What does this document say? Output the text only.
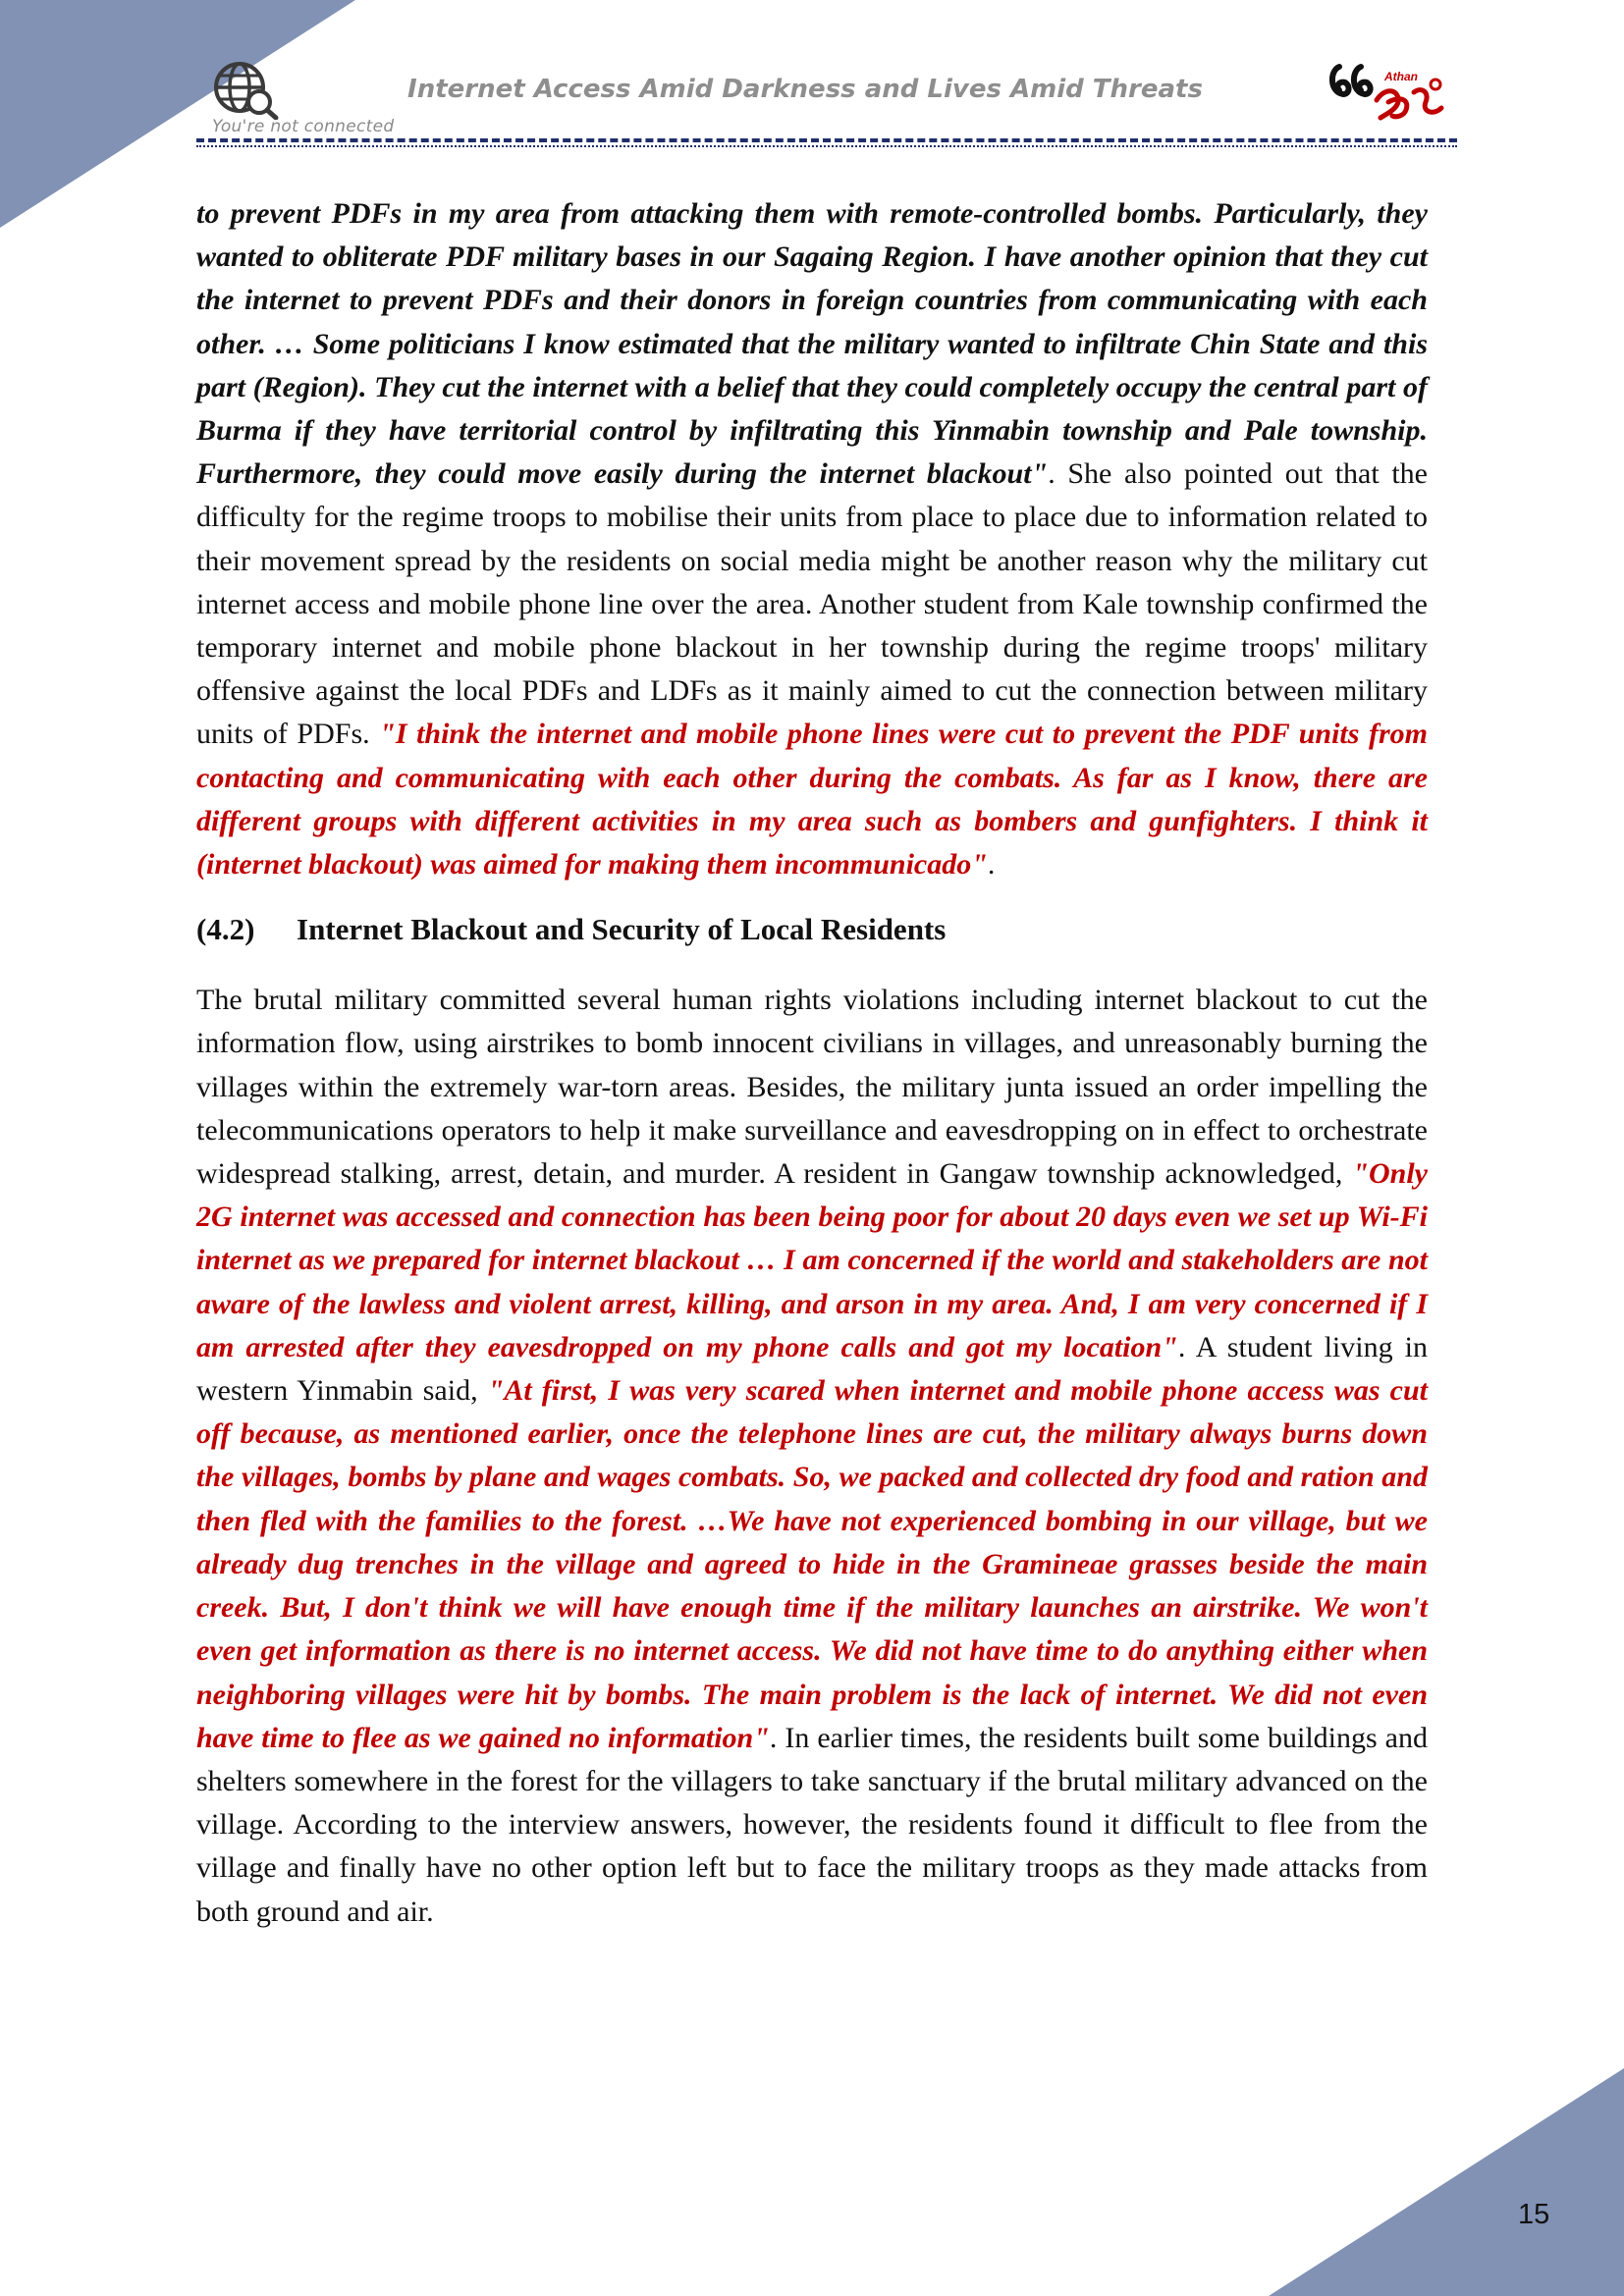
You're not connected
Internet Access Amid Darkness and Lives Amid Threats	Athan

to prevent PDFs in my area from attacking them with remote-controlled bombs. Particularly, they wanted to obliterate PDF military bases in our Sagaing Region. I have another opinion that they cut the internet to prevent PDFs and their donors in foreign countries from communicating with each other. … Some politicians I know estimated that the military wanted to infiltrate Chin State and this part (Region). They cut the internet with a belief that they could completely occupy the central part of Burma if they have territorial control by infiltrating this Yinmabin township and Pale township. Furthermore, they could move easily during the internet blackout". She also pointed out that the difficulty for the regime troops to mobilise their units from place to place due to information related to their movement spread by the residents on social media might be another reason why the military cut internet access and mobile phone line over the area. Another student from Kale township confirmed the temporary internet and mobile phone blackout in her township during the regime troops' military offensive against the local PDFs and LDFs as it mainly aimed to cut the connection between military units of PDFs. "I think the internet and mobile phone lines were cut to prevent the PDF units from contacting and communicating with each other during the combats. As far as I know, there are different groups with different activities in my area such as bombers and gunfighters. I think it (internet blackout) was aimed for making them incommunicado".

(4.2) Internet Blackout and Security of Local Residents

The brutal military committed several human rights violations including internet blackout to cut the information flow, using airstrikes to bomb innocent civilians in villages, and unreasonably burning the villages within the extremely war-torn areas. Besides, the military junta issued an order impelling the telecommunications operators to help it make surveillance and eavesdropping on in effect to orchestrate widespread stalking, arrest, detain, and murder. A resident in Gangaw township acknowledged, "Only 2G internet was accessed and connection has been being poor for about 20 days even we set up Wi-Fi internet as we prepared for internet blackout … I am concerned if the world and stakeholders are not aware of the lawless and violent arrest, killing, and arson in my area. And, I am very concerned if I am arrested after they eavesdropped on my phone calls and got my location". A student living in western Yinmabin said, "At first, I was very scared when internet and mobile phone access was cut off because, as mentioned earlier, once the telephone lines are cut, the military always burns down the villages, bombs by plane and wages combats. So, we packed and collected dry food and ration and then fled with the families to the forest. …We have not experienced bombing in our village, but we already dug trenches in the village and agreed to hide in the Gramineae grasses beside the main creek. But, I don't think we will have enough time if the military launches an airstrike. We won't even get information as there is no internet access. We did not have time to do anything either when neighboring villages were hit by bombs. The main problem is the lack of internet. We did not even have time to flee as we gained no information". In earlier times, the residents built some buildings and shelters somewhere in the forest for the villagers to take sanctuary if the brutal military advanced on the village. According to the interview answers, however, the residents found it difficult to flee from the village and finally have no other option left but to face the military troops as they made attacks from both ground and air.

15
